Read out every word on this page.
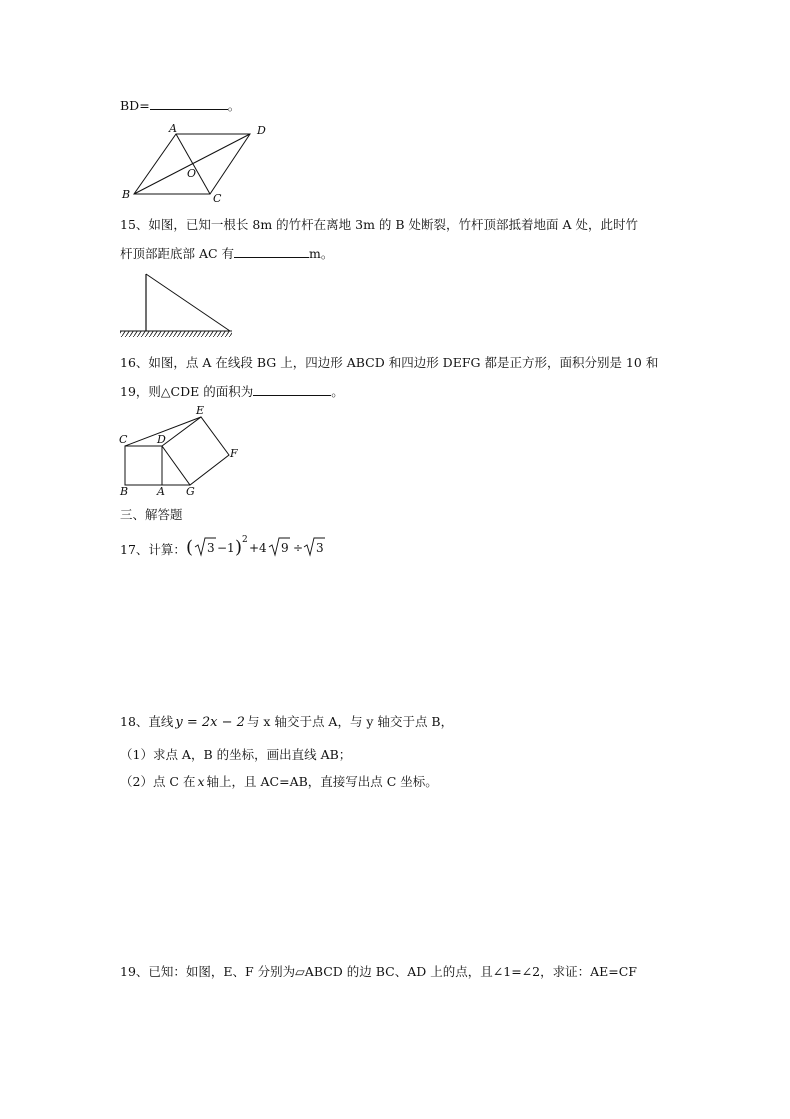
BD=	。
A	D
O
B	C
15、如图，已知一根长 8m 的竹杆在离地 3m 的 B 处断裂，竹杆顶部抵着地面 A 处，此时竹
杆顶部距底部 AC 有	m。
16、如图，点 A 在线段 BG 上，四边形 ABCD 和四边形 DEFG 都是正方形，面积分别是 10 和
19，则△CDE 的面积为	。
E
C	D
F
B	A G
三、解答题
17、计算： ( 3 −1 ) 2
+4 9 ÷ 3
18、直线 y = 2x − 2 与 x 轴交于点 A，与 y 轴交于点 B，
（1）求点 A，B 的坐标，画出直线 AB；
（2）点 C 在 x 轴上，且 AC=AB，直接写出点 C 坐标。
19、已知：如图，E、F 分别为▱ABCD 的边 BC、AD 上的点，且∠1=∠2，求证：AE=CF
